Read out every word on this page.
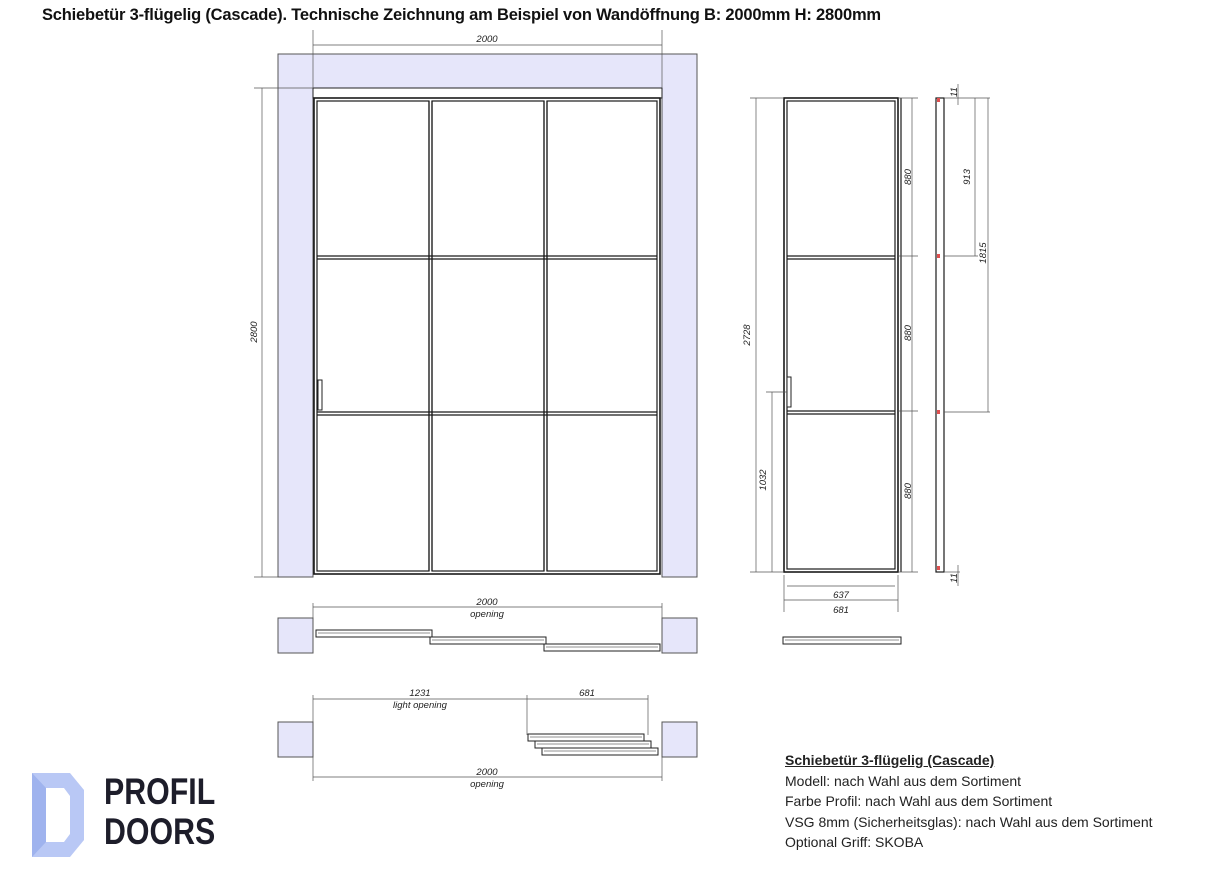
Schiebetür 3-flügelig (Cascade). Technische Zeichnung am Beispiel von Wandöffnung B: 2000mm H: 2800mm
2000
2800	2728
1032
880
880
880
637
681
11
913
1815
11
2000
opening
1231
light opening
681
2000
opening
Schiebetür 3-flügelig (Cascade)
Modell: nach Wahl aus dem Sortiment
Farbe Profil: nach Wahl aus dem Sortiment
VSG 8mm (Sicherheitsglas): nach Wahl aus dem Sortiment
Optional Griff: SKOBA
PROFIL
DOORS
